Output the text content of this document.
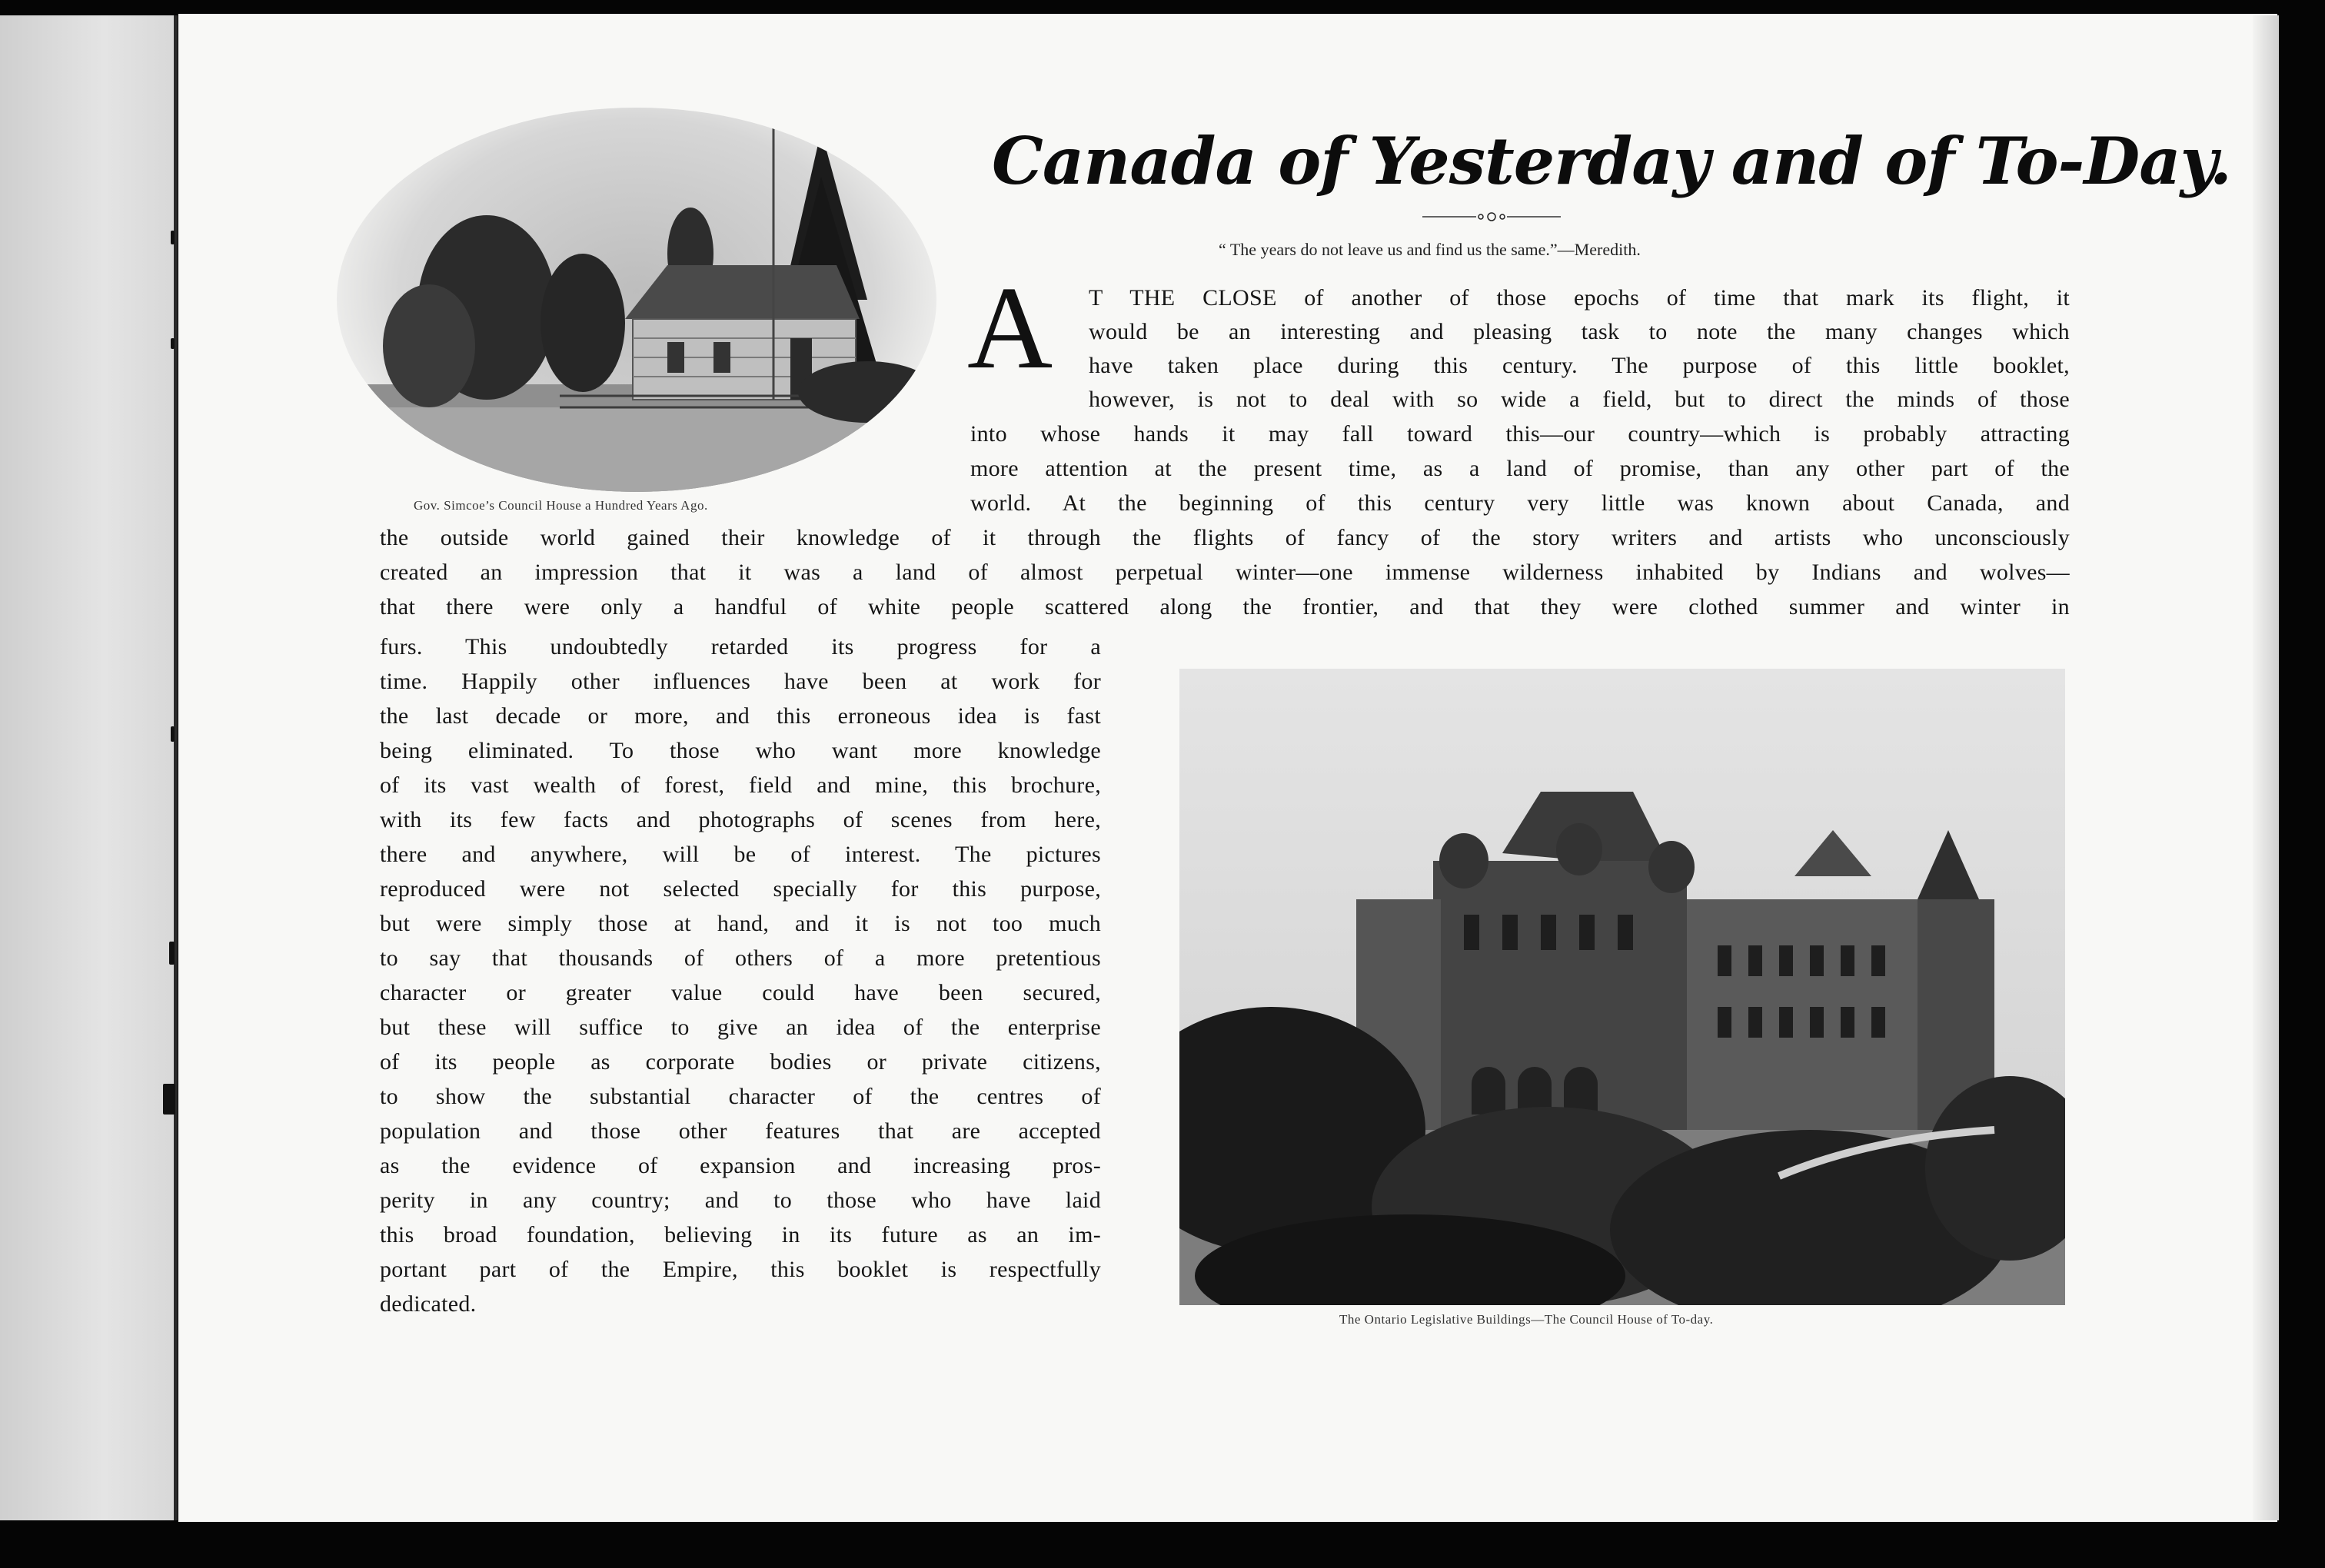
Gov. Simcoe’s Council House a Hundred Years Ago.
Canada of Yesterday and of To-Day.
“ The years do not leave us and find us the same.”—Meredith.
A T THE CLOSE of another of those epochs of time that mark its flight, it
would be an interesting and pleasing task to note the many changes which
have taken place during this century. The purpose of this little booklet,
however, is not to deal with so wide a field, but to direct the minds of those
into whose hands it may fall toward this—our country—which is probably attracting
more attention at the present time, as a land of promise, than any other part of the
world. At the beginning of this century very little was known about Canada, and
the outside world gained their knowledge of it through the flights of fancy of the story writers and artists who unconsciously
created an impression that it was a land of almost perpetual winter—one immense wilderness inhabited by Indians and wolves—
that there were only a handful of white people scattered along the frontier, and that they were clothed summer and winter in
furs. This undoubtedly retarded its progress for a
time. Happily other influences have been at work for
the last decade or more, and this erroneous idea is fast
being eliminated. To those who want more knowledge
of its vast wealth of forest, field and mine, this brochure,
with its few facts and photographs of scenes from here,
there and anywhere, will be of interest. The pictures
reproduced were not selected specially for this purpose,
but were simply those at hand, and it is not too much
to say that thousands of others of a more pretentious
character or greater value could have been secured,
but these will suffice to give an idea of the enterprise
of its people as corporate bodies or private citizens,
to show the substantial character of the centres of
population and those other features that are accepted
as the evidence of expansion and increasing pros-
perity in any country; and to those who have laid
this broad foundation, believing in its future as an im-
portant part of the Empire, this booklet is respectfully
dedicated.
The Ontario Legislative Buildings—The Council House of To-day.
